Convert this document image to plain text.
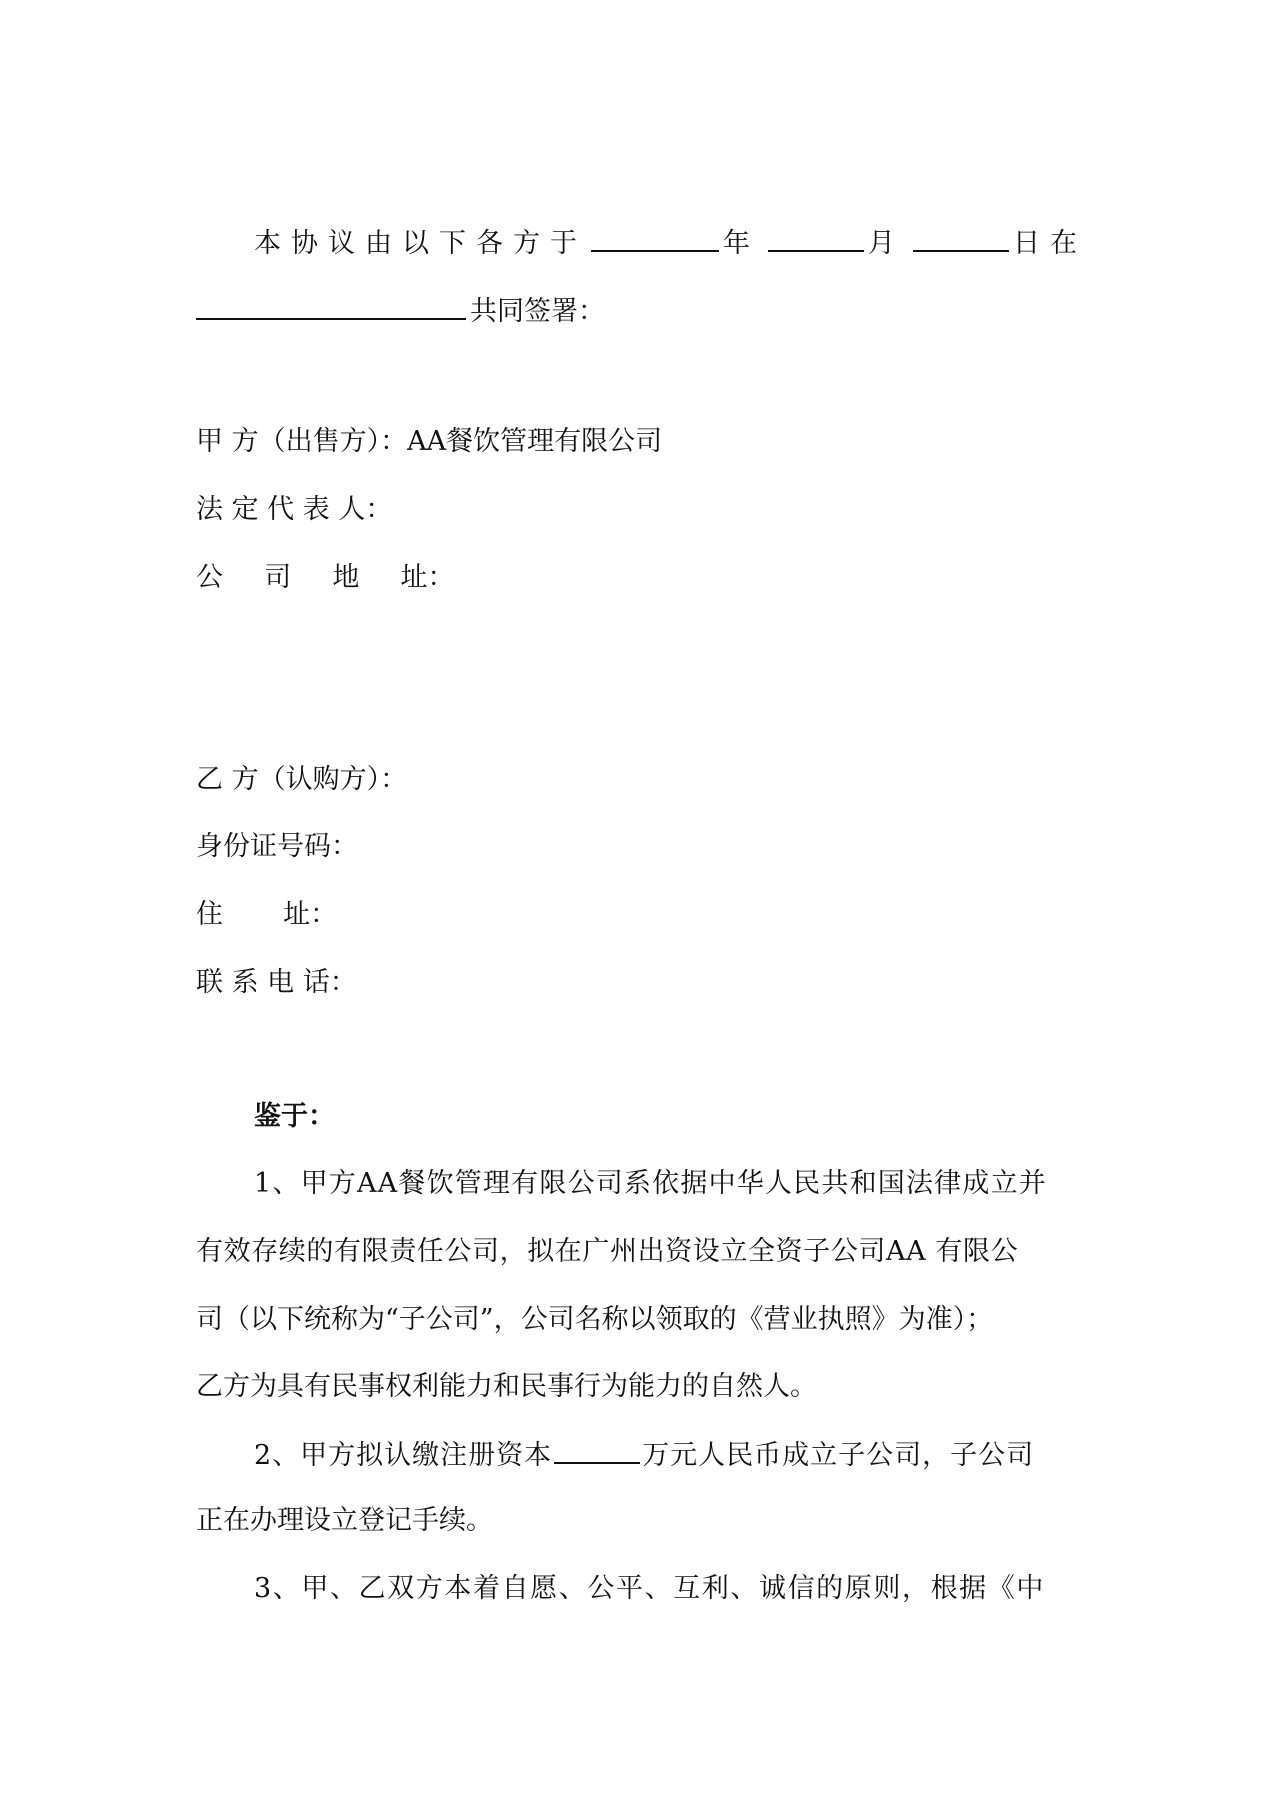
本协议由以下各方于	年	月	日在
共同签署：
甲 方（出售方）：AA餐饮管理有限公司
法 定 代 表 人：
公  司  地  址：
乙 方（认购方）：
身份证号码：
住       址：
联 系 电 话：
鉴于：
1、甲方AA餐饮管理有限公司系依据中华人民共和国法律成立并
有效存续的有限责任公司，拟在广州出资设立全资子公司AA 有限公
司（以下统称为“子公司”，公司名称以领取的《营业执照》为准）；
乙方为具有民事权利能力和民事行为能力的自然人。
2、甲方拟认缴注册资本	万元人民币成立子公司，子公司
正在办理设立登记手续。
3、甲、乙双方本着自愿、公平、互利、诚信的原则，根据《中
